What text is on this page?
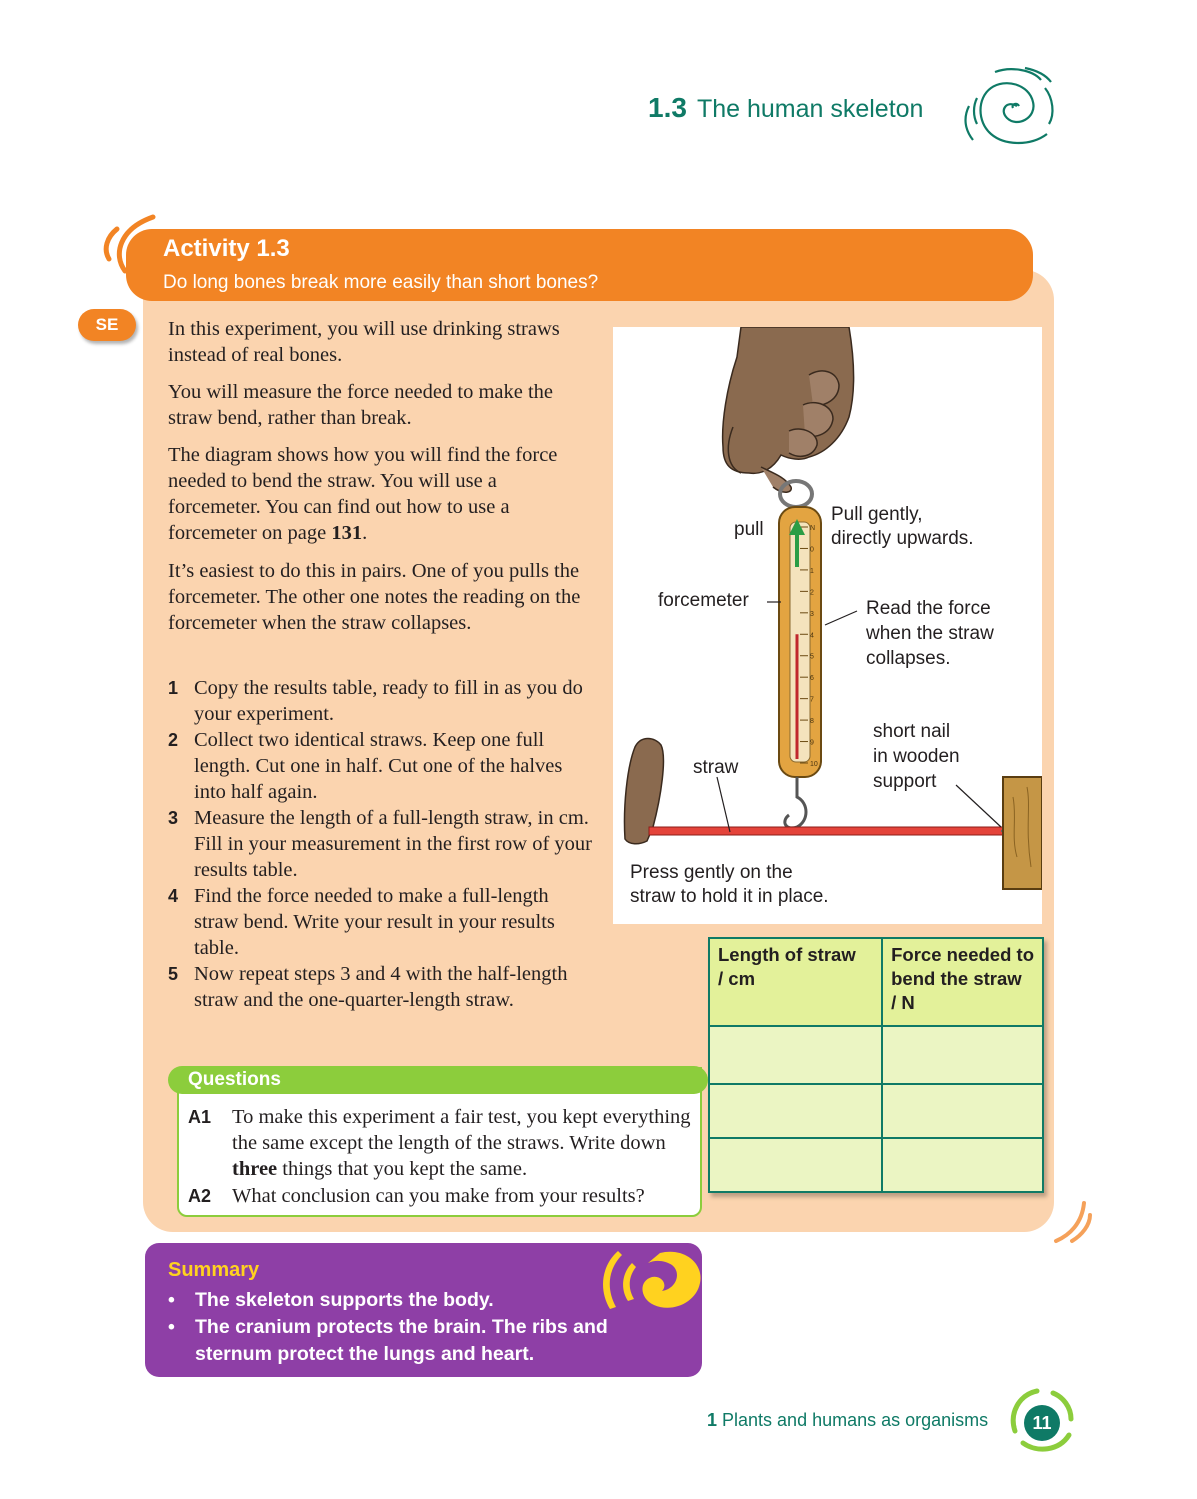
1.3 The human skeleton
Activity 1.3
Do long bones break more easily than short bones?
SE	In this experiment, you will use drinking straws instead of real bones.

You will measure the force needed to make the straw bend, rather than break.

The diagram shows how you will find the force needed to bend the straw. You will use a forcemeter. You can find out how to use a forcemeter on page 131.

It’s easiest to do this in pairs. One of you pulls the forcemeter. The other one notes the reading on the forcemeter when the straw collapses.

1 Copy the results table, ready to fill in as you do your experiment.
2 Collect two identical straws. Keep one full length. Cut one in half. Cut one of the halves into half again.
3 Measure the length of a full-length straw, in cm. Fill in your measurement in the first row of your results table.
4 Find the force needed to make a full-length straw bend. Write your result in your results table.
5 Now repeat steps 3 and 4 with the half-length straw and the one-quarter-length straw.
N
0
1
2
3
4
5
6
7
8
9
10
pull
Pull gently,
directly upwards.
forcemeter	Read the force
when the straw
collapses.
short nail
in wooden
support
straw
Press gently on the
straw to hold it in place.
Length of straw
/ cm	Force needed to
bend the straw
/ N

Questions
A1 To make this experiment a fair test, you kept everything the same except the length of the straws. Write down three things that you kept the same.
A2 What conclusion can you make from your results?
Summary
• The skeleton supports the body.
• The cranium protects the brain. The ribs and sternum protect the lungs and heart.
1 Plants and humans as organisms	11
